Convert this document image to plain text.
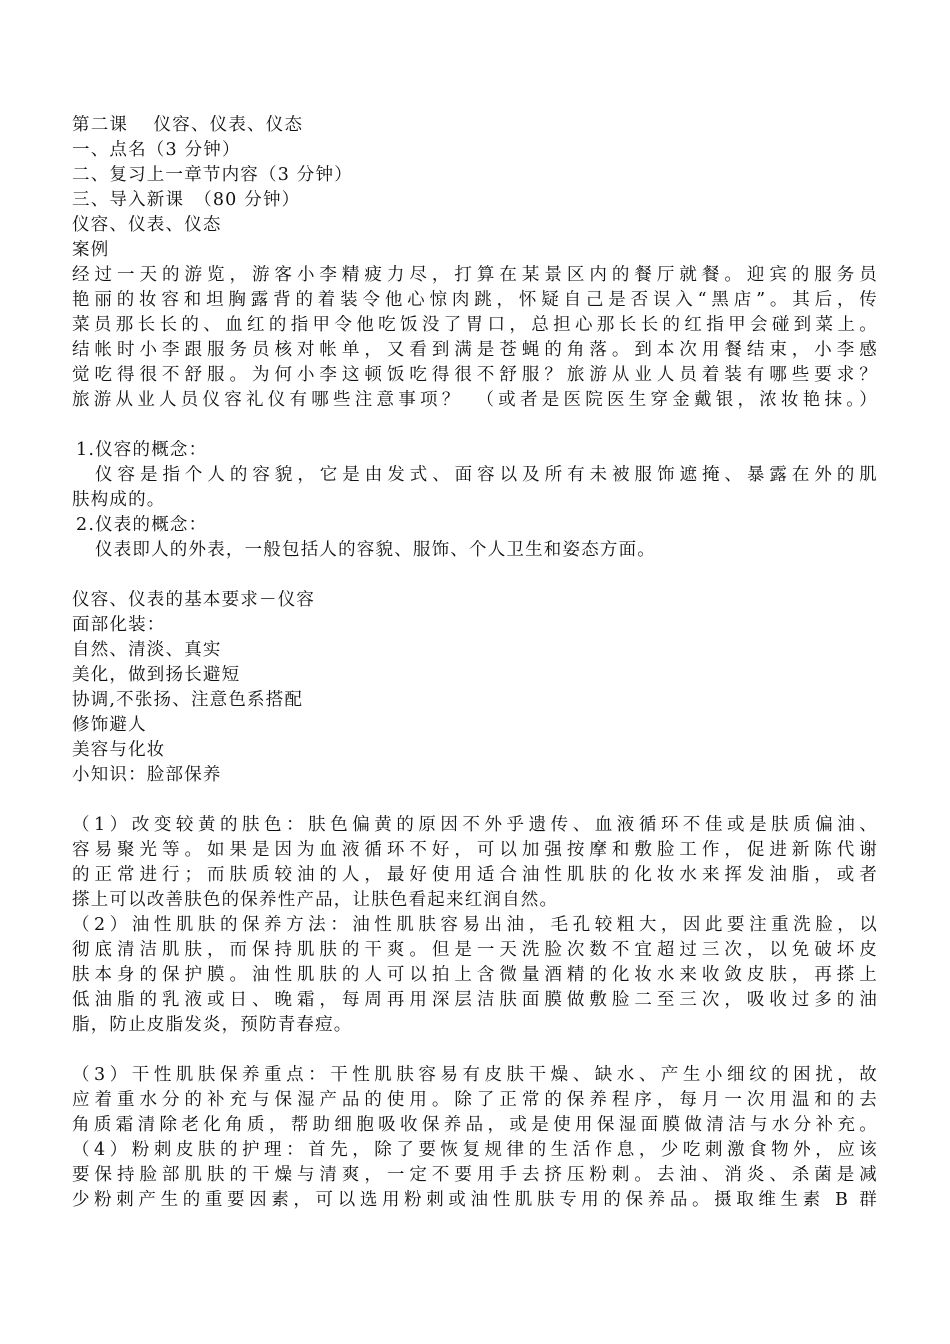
第二课　 仪容、仪表、仪态
一、点名（3 分钟）
二、复习上一章节内容（3 分钟）
三、导入新课　（80 分钟）
仪容、仪表、仪态
案例
经过一天的游览，游客小李精疲力尽，打算在某景区内的餐厅就餐。迎宾的服务员
艳丽的妆容和坦胸露背的着装令他心惊肉跳，怀疑自己是否误入“黑店”。其后，传
菜员那长长的、血红的指甲令他吃饭没了胃口，总担心那长长的红指甲会碰到菜上。
结帐时小李跟服务员核对帐单，又看到满是苍蝇的角落。到本次用餐结束，小李感
觉吃得很不舒服。为何小李这顿饭吃得很不舒服？旅游从业人员着装有哪些要求？
旅游从业人员仪容礼仪有哪些注意事项？　（或者是医院医生穿金戴银，浓妆艳抹。）
1.仪容的概念：
仪容是指个人的容貌，它是由发式、面容以及所有未被服饰遮掩、暴露在外的肌
肤构成的。
2.仪表的概念：
仪表即人的外表，一般包括人的容貌、服饰、个人卫生和姿态方面。
仪容、仪表的基本要求－仪容
面部化装：
自然、清淡、真实
美化，做到扬长避短
协调,不张扬、注意色系搭配
修饰避人
美容与化妆
小知识：脸部保养
（1）改变较黄的肤色：肤色偏黄的原因不外乎遗传、血液循环不佳或是肤质偏油、
容易聚光等。如果是因为血液循环不好，可以加强按摩和敷脸工作，促进新陈代谢
的正常进行；而肤质较油的人，最好使用适合油性肌肤的化妆水来挥发油脂，或者
搽上可以改善肤色的保养性产品，让肤色看起来红润自然。
（2）油性肌肤的保养方法：油性肌肤容易出油，毛孔较粗大，因此要注重洗脸，以
彻底清洁肌肤，而保持肌肤的干爽。但是一天洗脸次数不宜超过三次，以免破坏皮
肤本身的保护膜。油性肌肤的人可以拍上含微量酒精的化妆水来收敛皮肤，再搽上
低油脂的乳液或日、晚霜，每周再用深层洁肤面膜做敷脸二至三次，吸收过多的油
脂，防止皮脂发炎，预防青春痘。
（3）干性肌肤保养重点：干性肌肤容易有皮肤干燥、缺水、产生小细纹的困扰，故
应着重水分的补充与保湿产品的使用。除了正常的保养程序，每月一次用温和的去
角质霜清除老化角质，帮助细胞吸收保养品，或是使用保湿面膜做清洁与水分补充。
（4）粉刺皮肤的护理：首先，除了要恢复规律的生活作息，少吃刺激食物外，应该
要保持脸部肌肤的干燥与清爽，一定不要用手去挤压粉刺。去油、消炎、杀菌是减
少粉刺产生的重要因素，可以选用粉刺或油性肌肤专用的保养品。摄取维生素 B 群
